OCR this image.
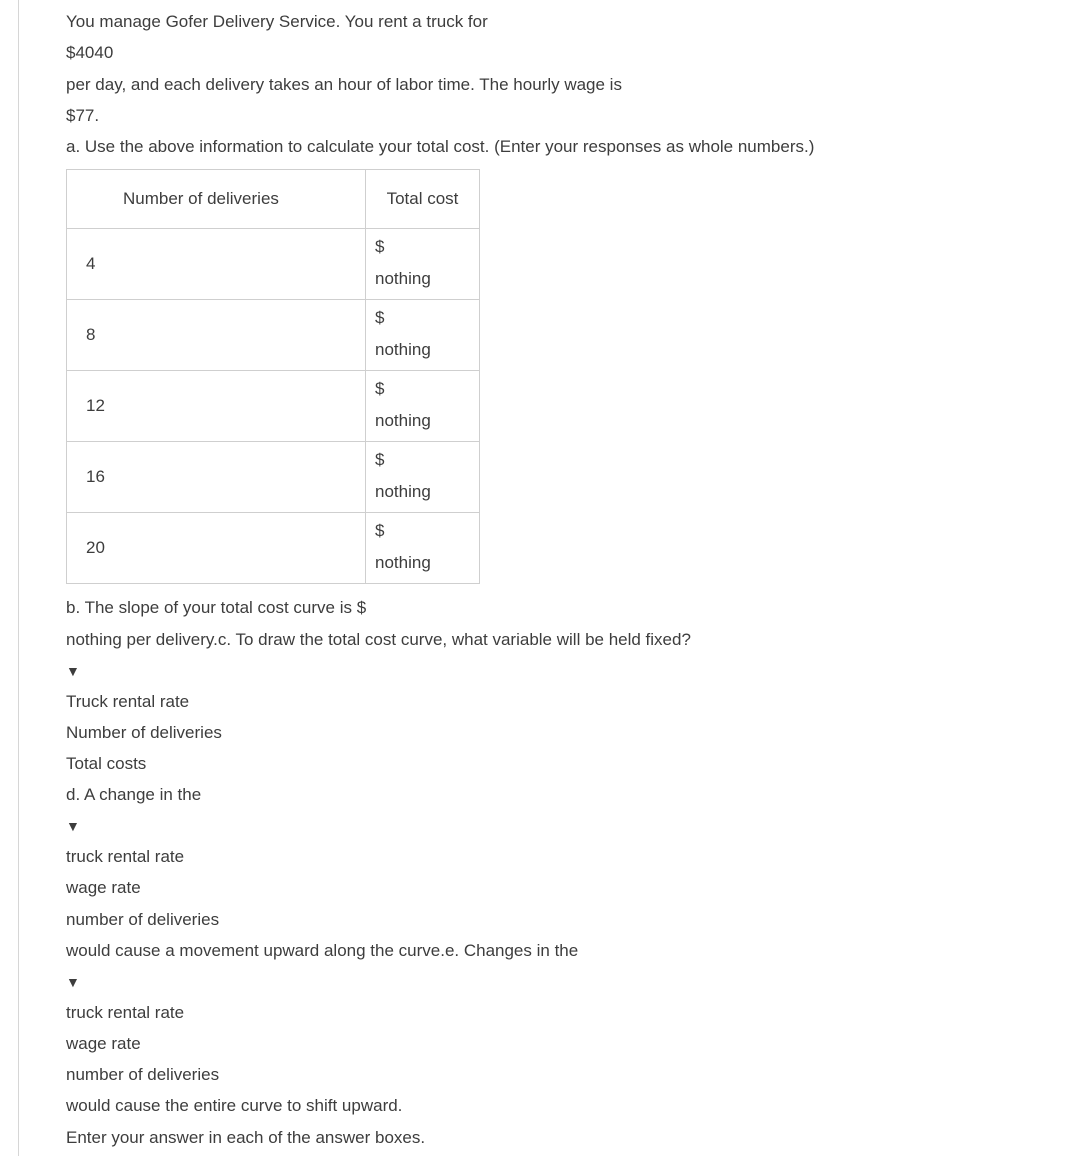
You manage Gofer Delivery Service. You rent a truck for
$4040
per day, and each delivery takes an hour of labor time. The hourly wage is
$77.
a. Use the above information to calculate your total cost. (Enter your responses as whole numbers.)
Number of deliveries	Total cost
4	$
nothing

8	$
nothing

12	$
nothing

16	$
nothing

20	$
nothing
b. The slope of your total cost curve is $
nothing per delivery.c. To draw the total cost curve, what variable will be held fixed?
▼
Truck rental rate
Number of deliveries
Total costs
d. A change in the
▼
truck rental rate
wage rate
number of deliveries
would cause a movement upward along the curve.e. Changes in the
▼
truck rental rate
wage rate
number of deliveries
would cause the entire curve to shift upward.
Enter your answer in each of the answer boxes.
